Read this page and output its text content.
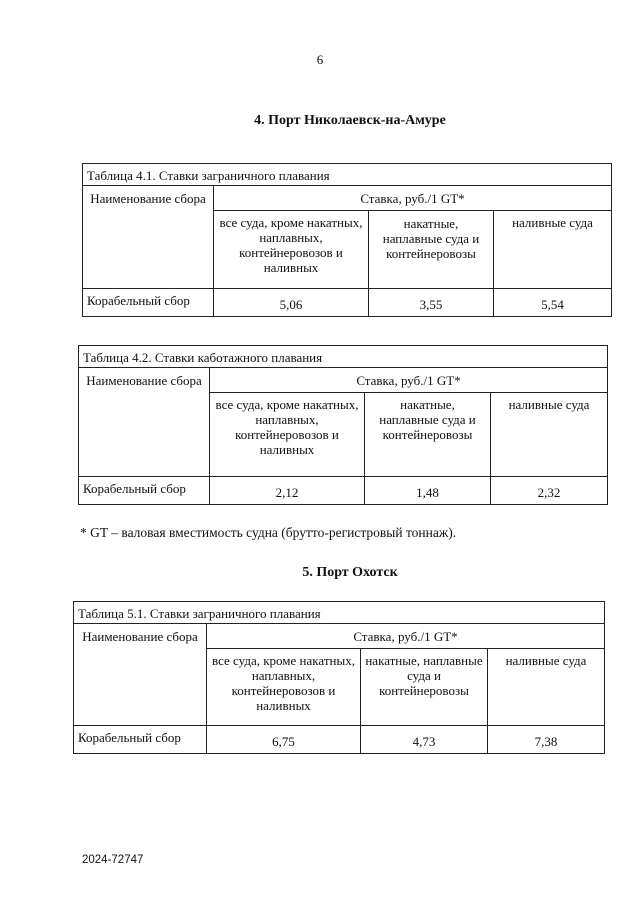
6
4. Порт Николаевск-на-Амуре
Таблица 4.1. Ставки заграничного плавания			
Наименование сбора	Ставка, руб./1 GT*		
	все суда, кроме накатных, наплавных, контейнеровозов и наливных	накатные, наплавные суда и контейнеровозы	наливные суда
Корабельный сбор	5,06	3,55	5,54
Таблица 4.2. Ставки каботажного плавания			
Наименование сбора	Ставка, руб./1 GT*		
	все суда, кроме накатных, наплавных, контейнеровозов и наливных	накатные, наплавные суда и контейнеровозы	наливные суда
Корабельный сбор	2,12	1,48	2,32
* GT – валовая вместимость судна (брутто-регистровый тоннаж).
5. Порт Охотск
Таблица 5.1. Ставки заграничного плавания			
Наименование сбора	Ставка, руб./1 GT*		
	все суда, кроме накатных, наплавных, контейнеровозов и наливных	накатные, наплавные суда и контейнеровозы	наливные суда
Корабельный сбор	6,75	4,73	7,38
2024-72747
